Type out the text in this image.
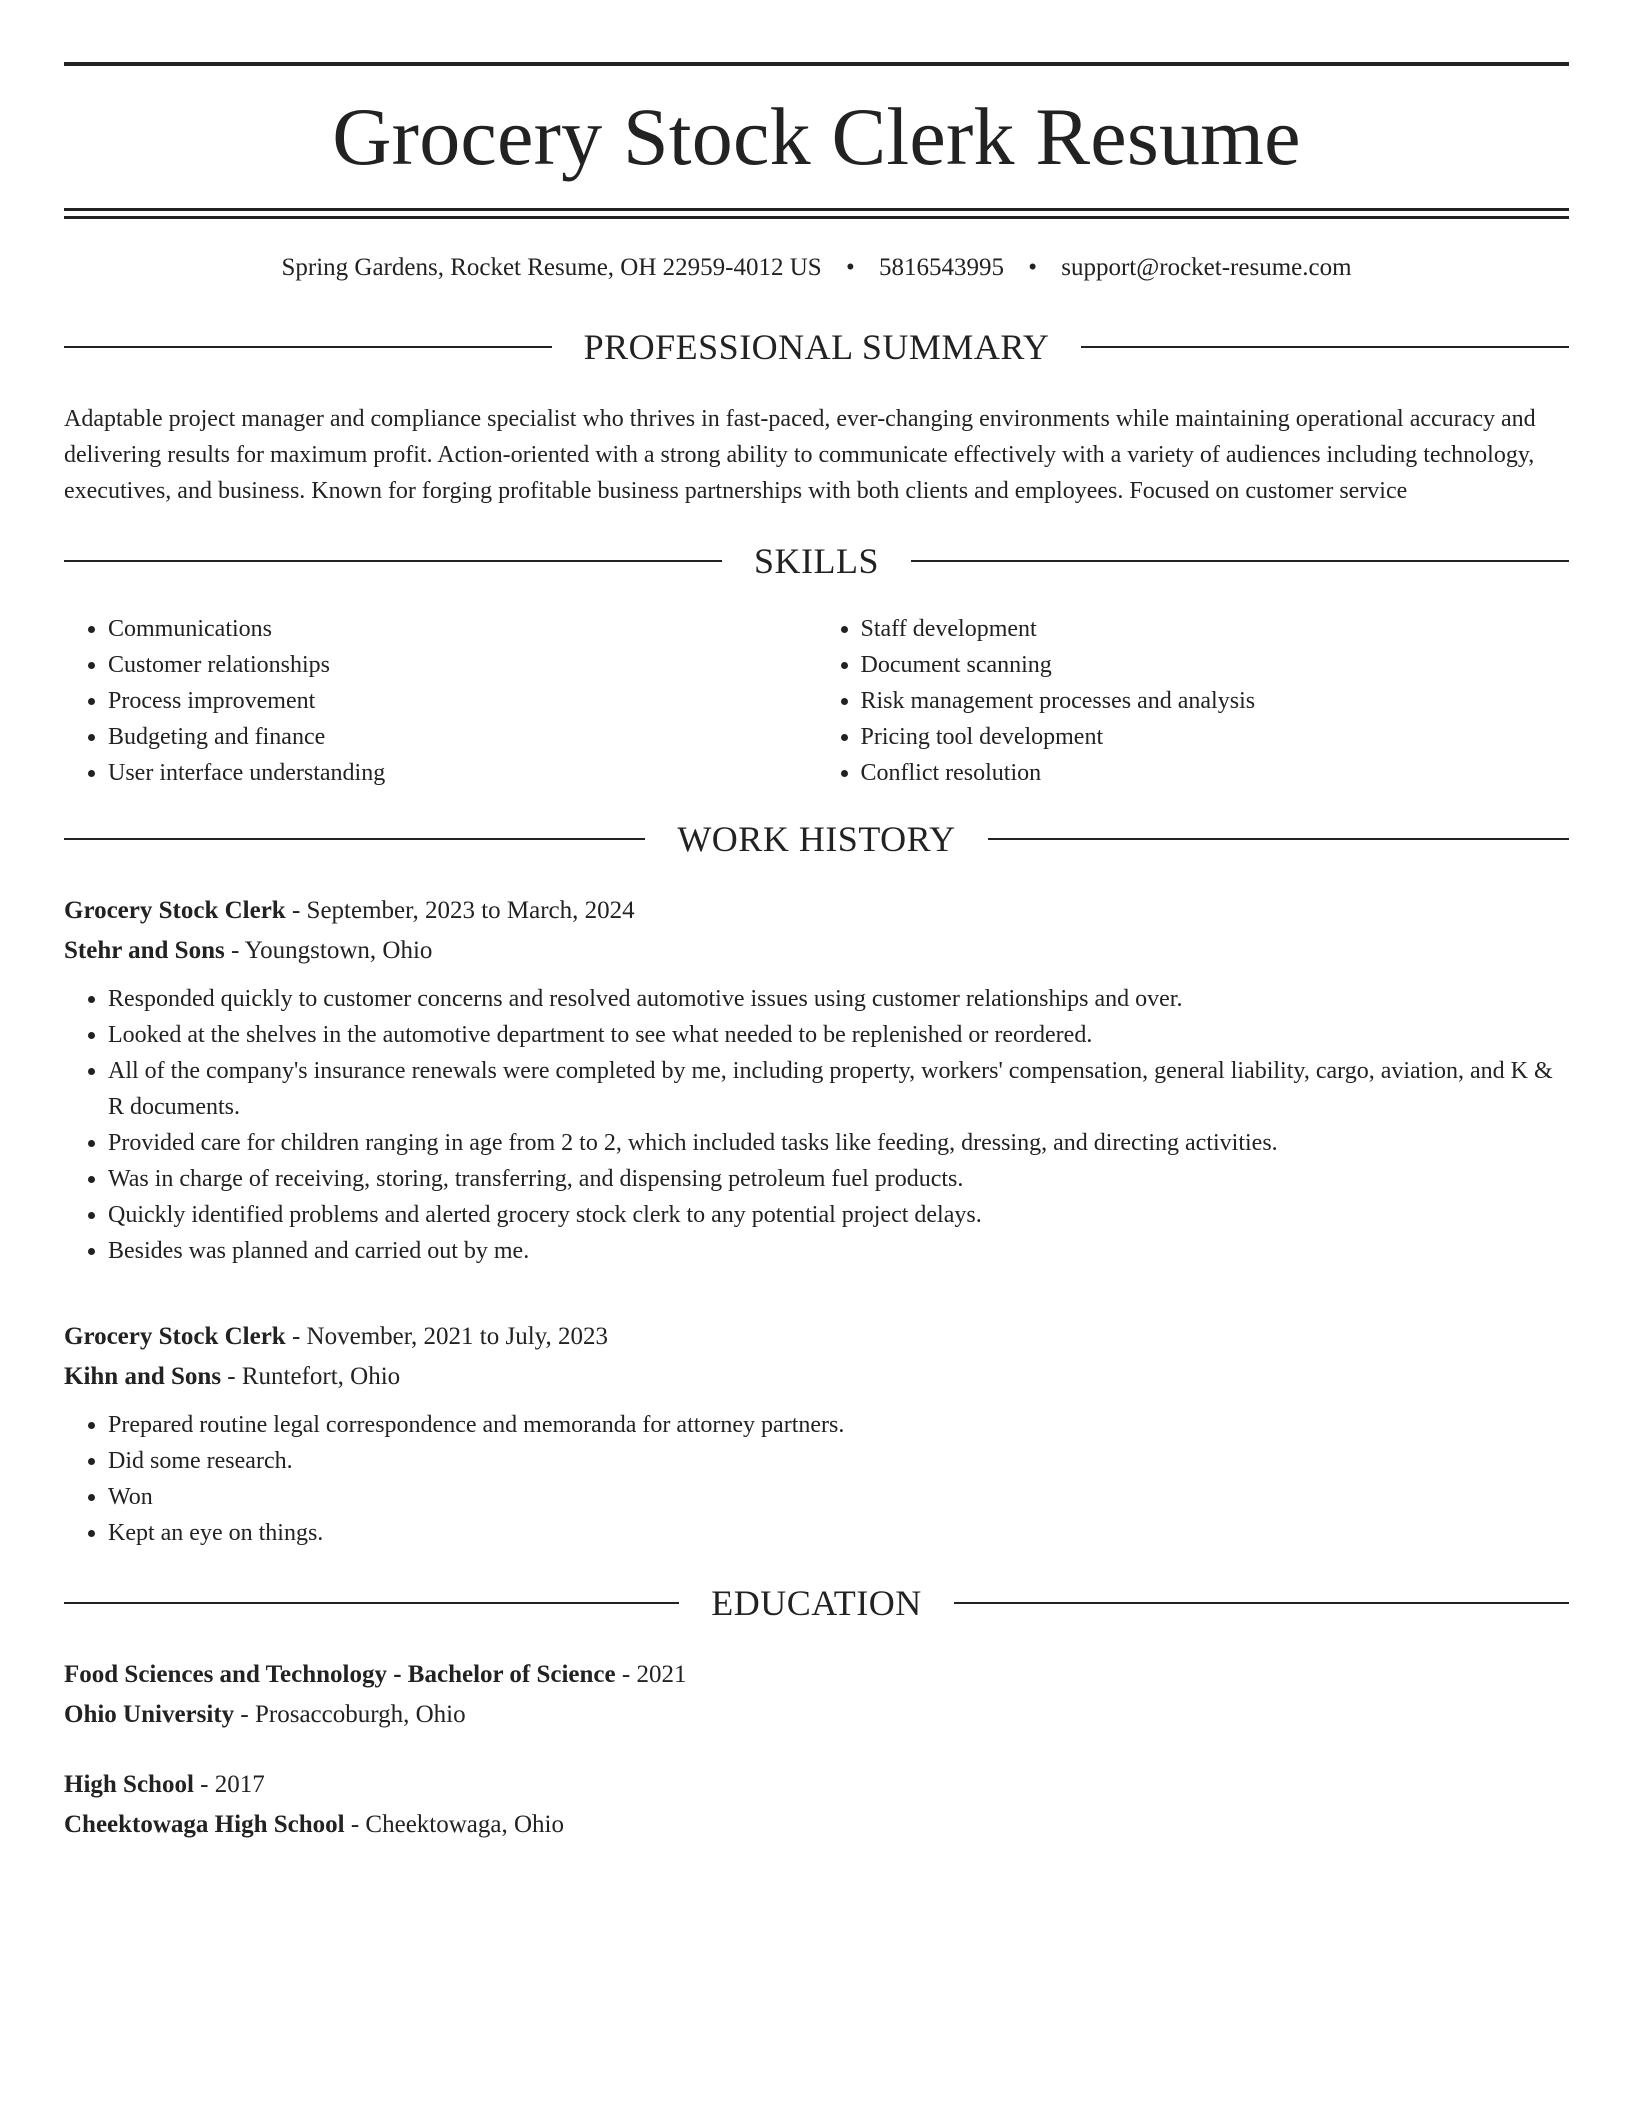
Grocery Stock Clerk Resume
Spring Gardens, Rocket Resume, OH 22959-4012 US • 5816543995 • support@rocket-resume.com
PROFESSIONAL SUMMARY
Adaptable project manager and compliance specialist who thrives in fast-paced, ever-changing environments while maintaining operational accuracy and delivering results for maximum profit. Action-oriented with a strong ability to communicate effectively with a variety of audiences including technology, executives, and business. Known for forging profitable business partnerships with both clients and employees. Focused on customer service
SKILLS
• Communications
• Customer relationships
• Process improvement
• Budgeting and finance
• User interface understanding
• Staff development
• Document scanning
• Risk management processes and analysis
• Pricing tool development
• Conflict resolution
WORK HISTORY
Grocery Stock Clerk - September, 2023 to March, 2024
Stehr and Sons - Youngstown, Ohio
• Responded quickly to customer concerns and resolved automotive issues using customer relationships and over.
• Looked at the shelves in the automotive department to see what needed to be replenished or reordered.
• All of the company's insurance renewals were completed by me, including property, workers' compensation, general liability, cargo, aviation, and K & R documents.
• Provided care for children ranging in age from 2 to 2, which included tasks like feeding, dressing, and directing activities.
• Was in charge of receiving, storing, transferring, and dispensing petroleum fuel products.
• Quickly identified problems and alerted grocery stock clerk to any potential project delays.
• Besides was planned and carried out by me.
Grocery Stock Clerk - November, 2021 to July, 2023
Kihn and Sons - Runtefort, Ohio
• Prepared routine legal correspondence and memoranda for attorney partners.
• Did some research.
• Won
• Kept an eye on things.
EDUCATION
Food Sciences and Technology - Bachelor of Science - 2021
Ohio University - Prosaccoburgh, Ohio
High School - 2017
Cheektowaga High School - Cheektowaga, Ohio
